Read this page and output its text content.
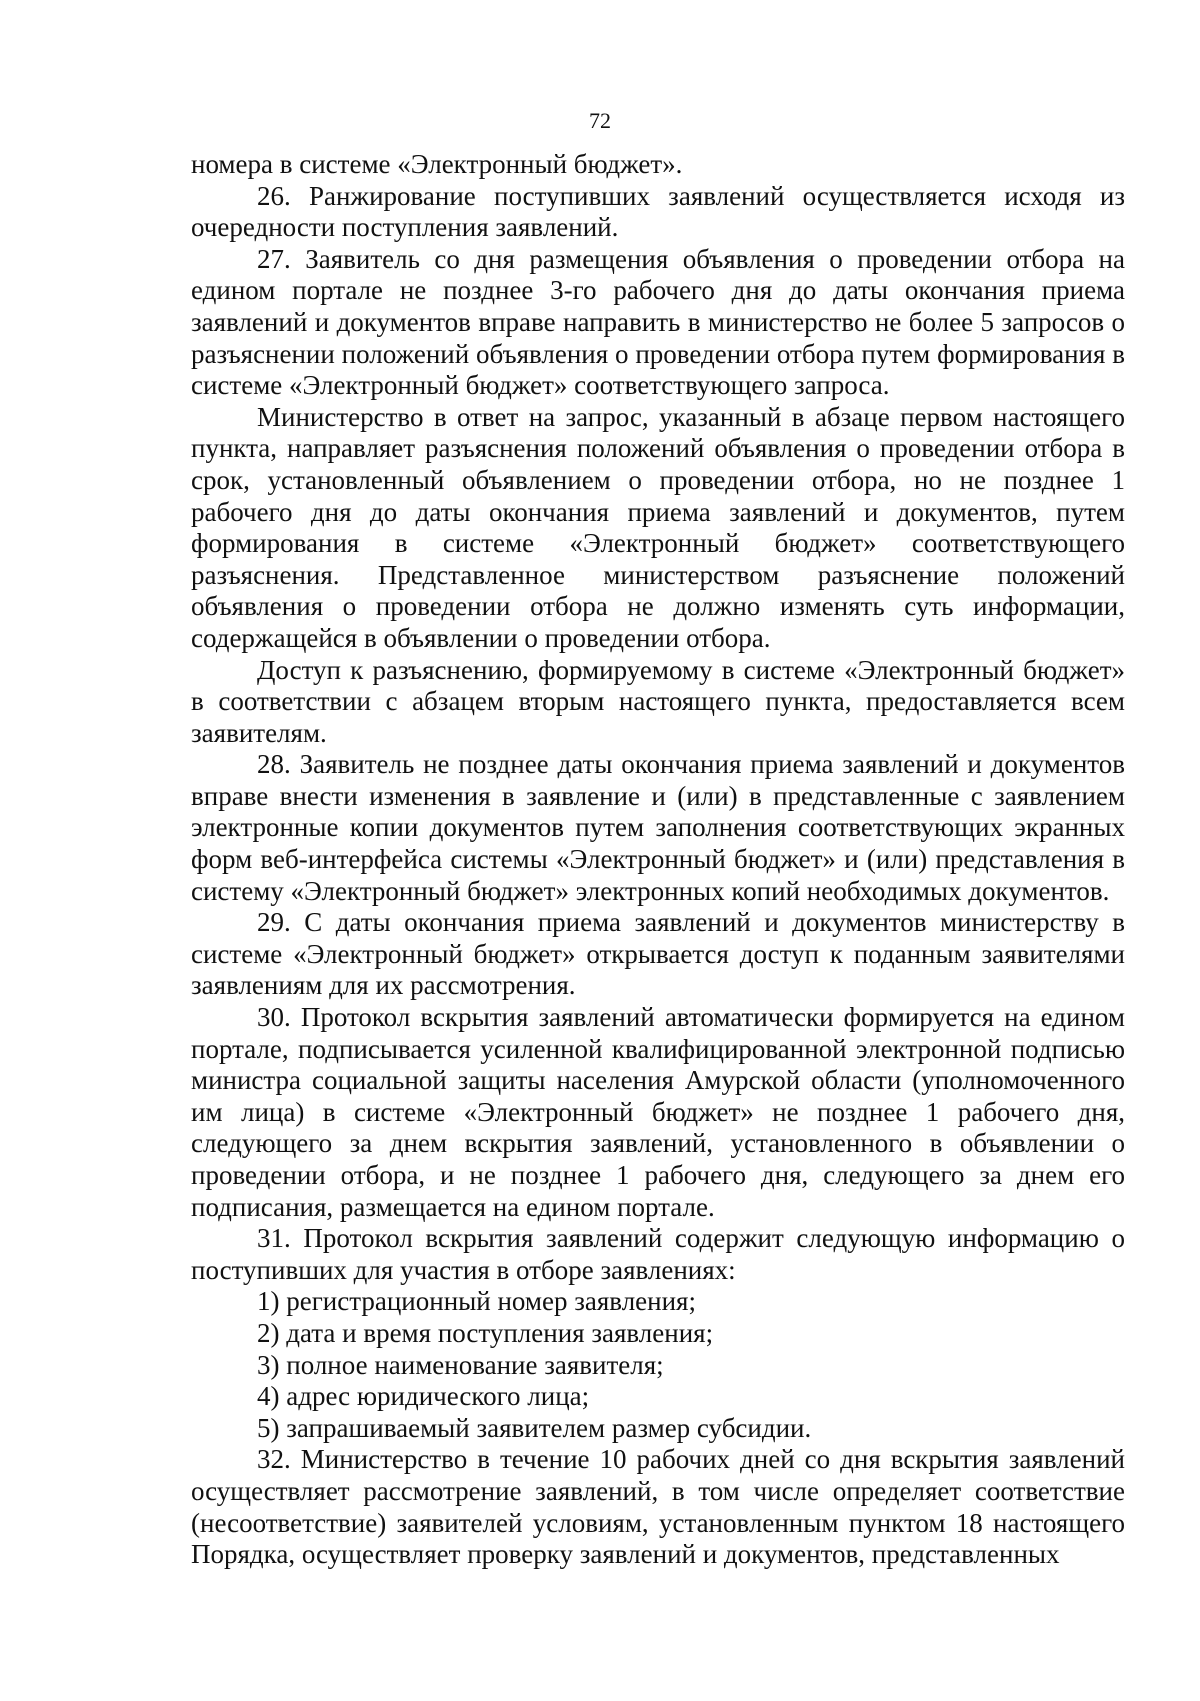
72

номера в системе «Электронный бюджет».

26. Ранжирование поступивших заявлений осуществляется исходя из очередности поступления заявлений.

27. Заявитель со дня размещения объявления о проведении отбора на едином портале не позднее 3-го рабочего дня до даты окончания приема заявлений и документов вправе направить в министерство не более 5 запросов о разъяснении положений объявления о проведении отбора путем формирования в системе «Электронный бюджет» соответствующего запроса.

Министерство в ответ на запрос, указанный в абзаце первом настоящего пункта, направляет разъяснения положений объявления о проведении отбора в срок, установленный объявлением о проведении отбора, но не позднее 1 рабочего дня до даты окончания приема заявлений и документов, путем формирования в системе «Электронный бюджет» соответствующего разъяснения. Представленное министерством разъяснение положений объявления о проведении отбора не должно изменять суть информации, содержащейся в объявлении о проведении отбора.

Доступ к разъяснению, формируемому в системе «Электронный бюджет» в соответствии с абзацем вторым настоящего пункта, предоставляется всем заявителям.

28. Заявитель не позднее даты окончания приема заявлений и документов вправе внести изменения в заявление и (или) в представленные с заявлением электронные копии документов путем заполнения соответствующих экранных форм веб-интерфейса системы «Электронный бюджет» и (или) представления в систему «Электронный бюджет» электронных копий необходимых документов.

29. С даты окончания приема заявлений и документов министерству в системе «Электронный бюджет» открывается доступ к поданным заявителями заявлениям для их рассмотрения.

30. Протокол вскрытия заявлений автоматически формируется на едином портале, подписывается усиленной квалифицированной электронной подписью министра социальной защиты населения Амурской области (уполномоченного им лица) в системе «Электронный бюджет» не позднее 1 рабочего дня, следующего за днем вскрытия заявлений, установленного в объявлении о проведении отбора, и не позднее 1 рабочего дня, следующего за днем его подписания, размещается на едином портале.

31. Протокол вскрытия заявлений содержит следующую информацию о поступивших для участия в отборе заявлениях:

1) регистрационный номер заявления;

2) дата и время поступления заявления;

3) полное наименование заявителя;

4) адрес юридического лица;

5) запрашиваемый заявителем размер субсидии.

32. Министерство в течение 10 рабочих дней со дня вскрытия заявлений осуществляет рассмотрение заявлений, в том числе определяет соответствие (несоответствие) заявителей условиям, установленным пунктом 18 настоящего Порядка, осуществляет проверку заявлений и документов, представленных
